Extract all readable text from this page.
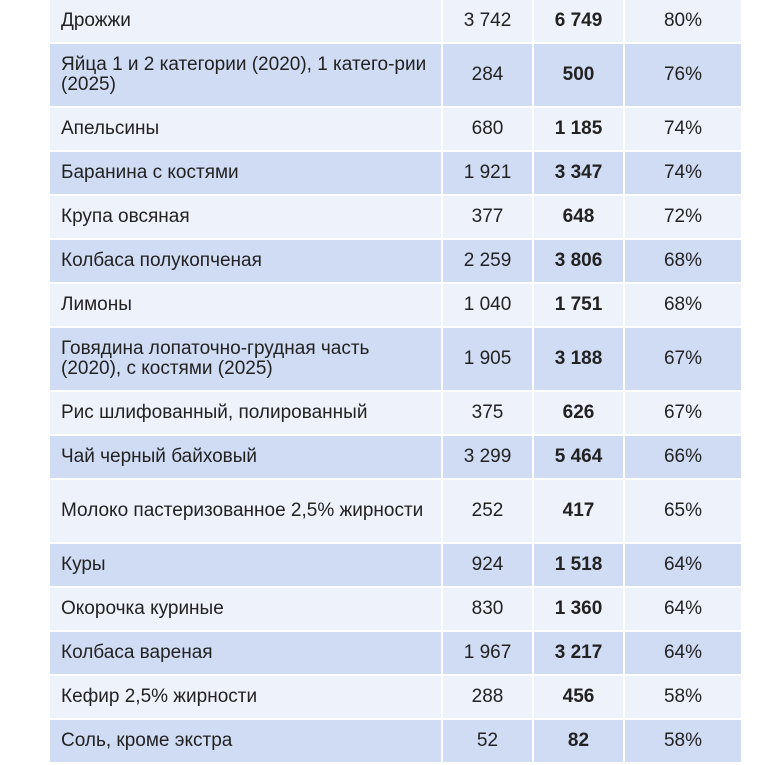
Дрожжи	3 742	6 749	80%
Яйца 1 и 2 категории (2020), 1 катего-рии (2025)	284	500	76%
Апельсины	680	1 185	74%
Баранина с костями	1 921	3 347	74%
Крупа овсяная	377	648	72%
Колбаса полукопченая	2 259	3 806	68%
Лимоны	1 040	1 751	68%
Говядина лопаточно-грудная часть (2020), с костями (2025)	1 905	3 188	67%
Рис шлифованный, полированный	375	626	67%
Чай черный байховый	3 299	5 464	66%
Молоко пастеризованное 2,5% жирности	252	417	65%
Куры	924	1 518	64%
Окорочка куриные	830	1 360	64%
Колбаса вареная	1 967	3 217	64%
Кефир 2,5% жирности	288	456	58%
Соль, кроме экстра	52	82	58%
